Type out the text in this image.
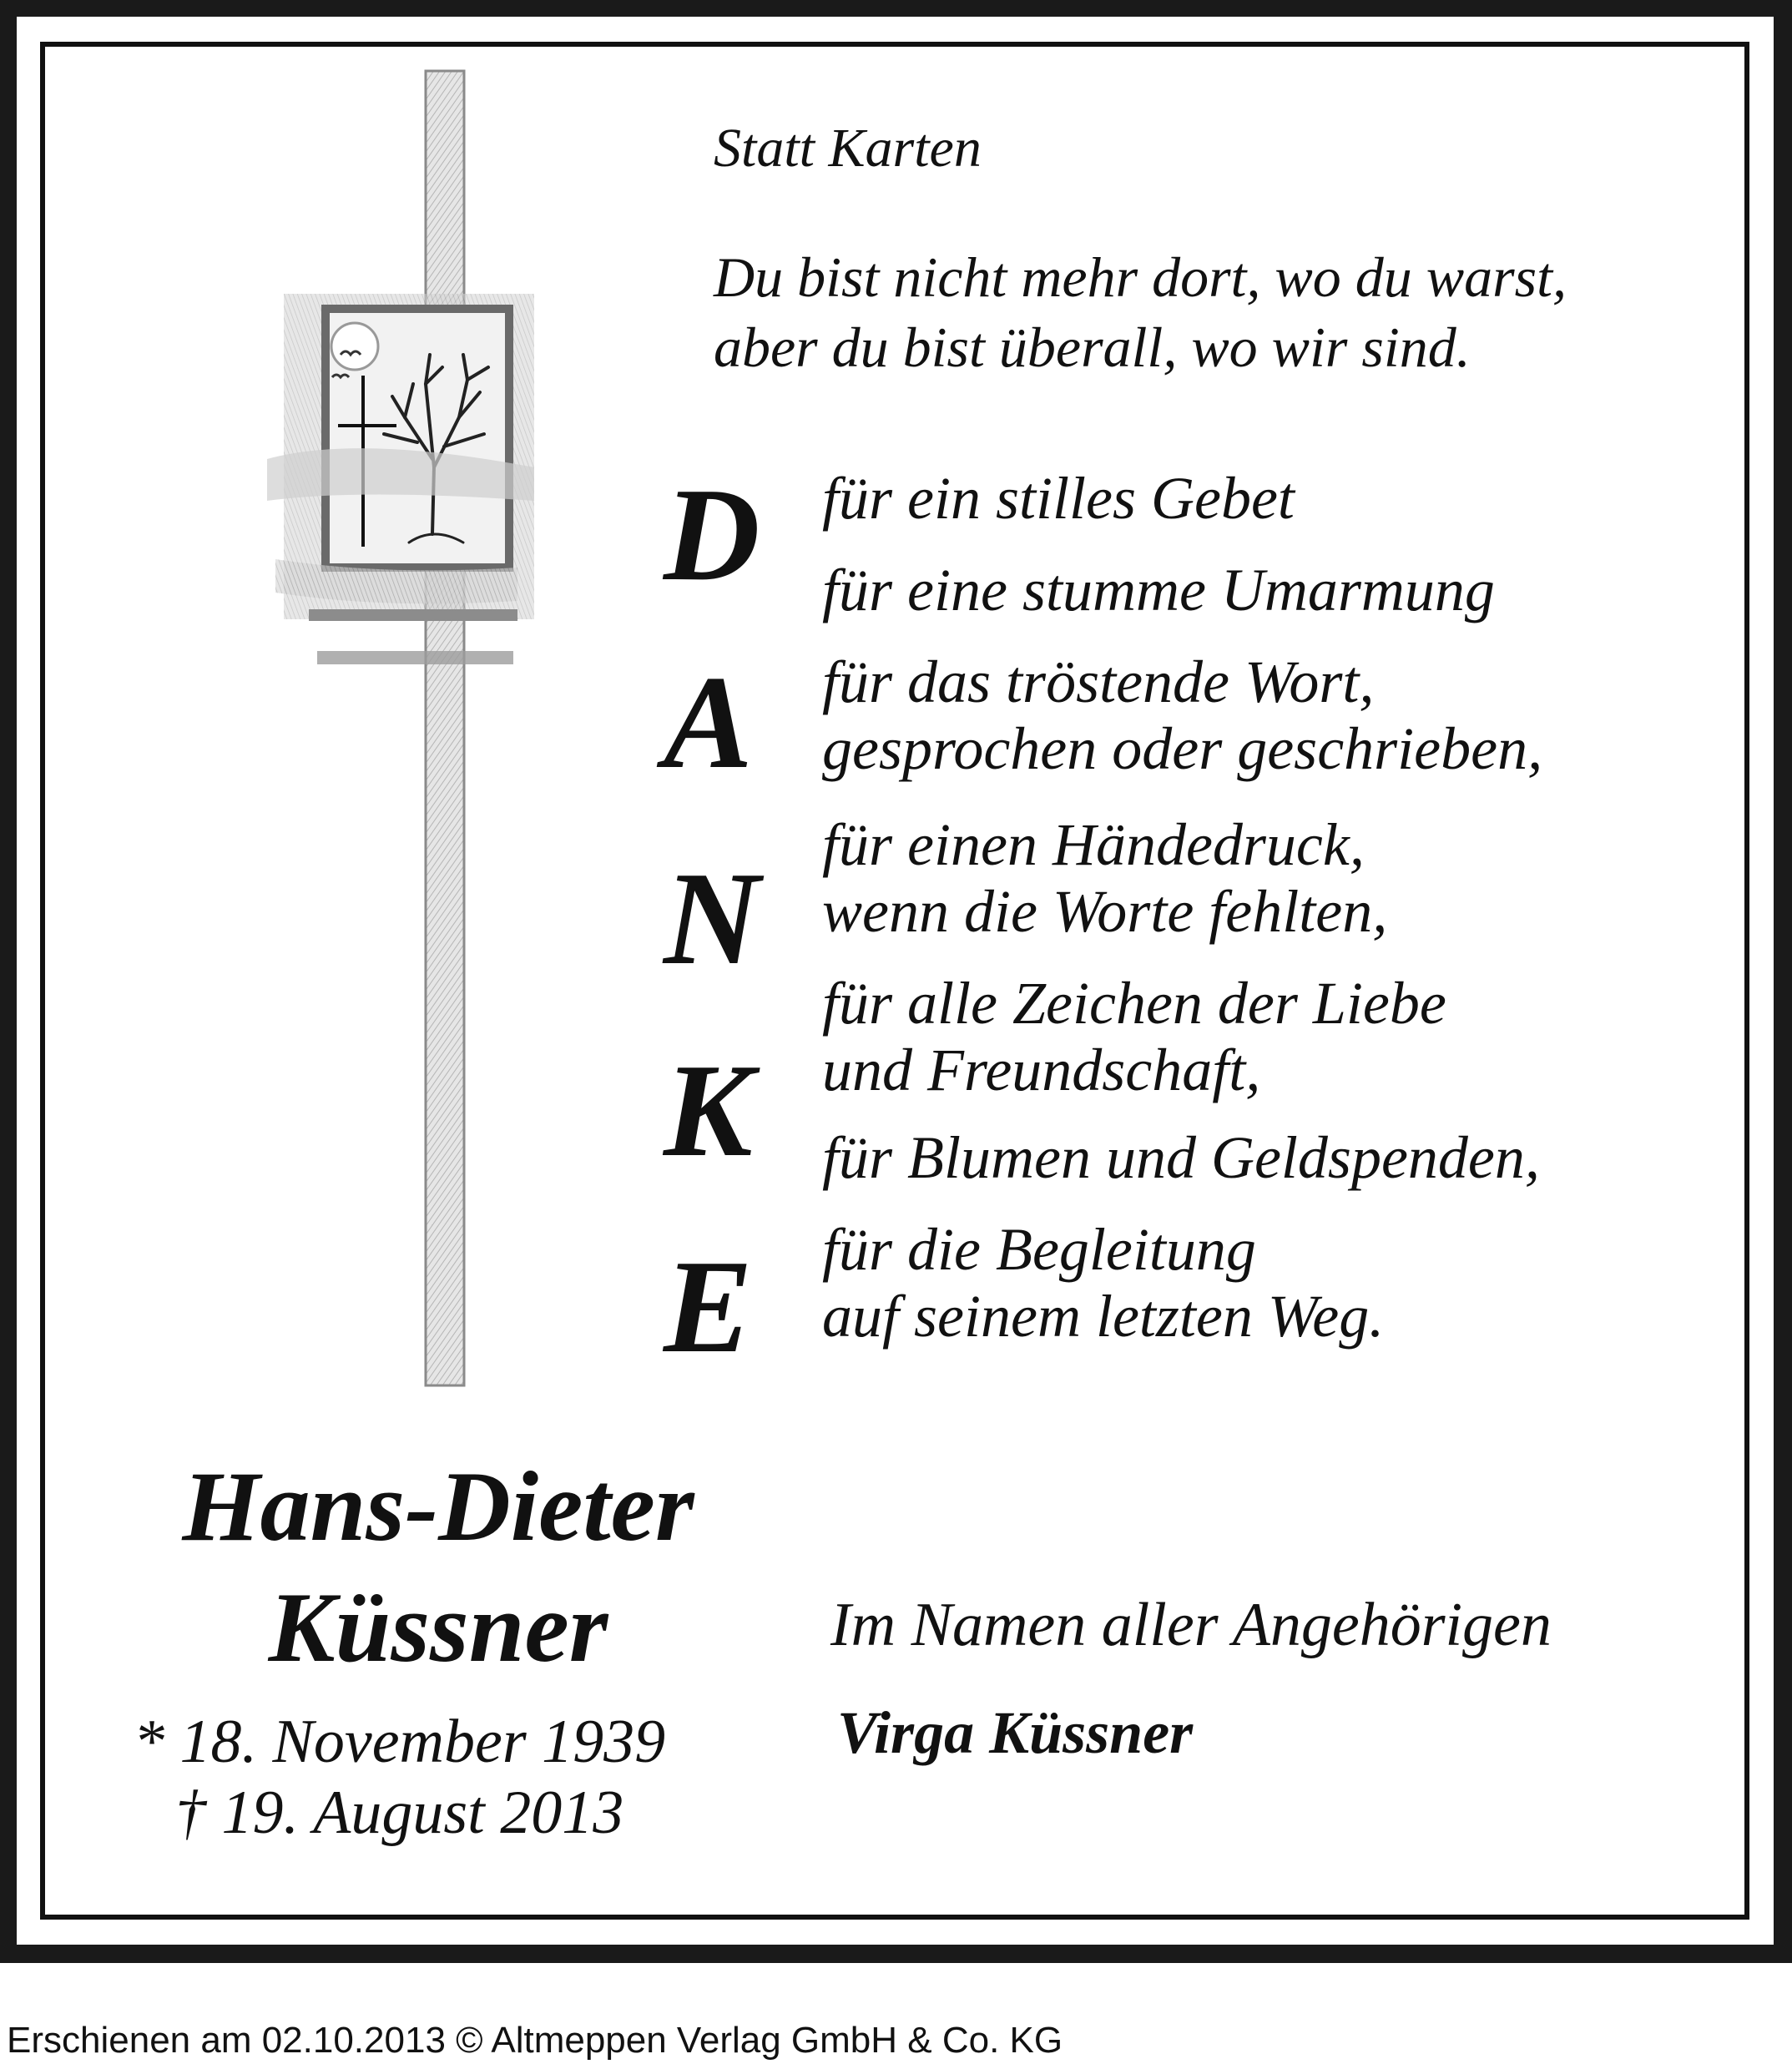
Statt Karten
Du bist nicht mehr dort, wo du warst,
aber du bist überall, wo wir sind.
D
A
N
K
E
für ein stilles Gebet
für eine stumme Umarmung
für das tröstende Wort,
gesprochen oder geschrieben,
für einen Händedruck,
wenn die Worte fehlten,
für alle Zeichen der Liebe
und Freundschaft,
für Blumen und Geldspenden,
für die Begleitung
auf seinem letzten Weg.
Hans-Dieter
Küssner
* 18. November 1939
† 19. August 2013
Im Namen aller Angehörigen
Virga Küssner
Erschienen am 02.10.2013 © Altmeppen Verlag GmbH & Co. KG
